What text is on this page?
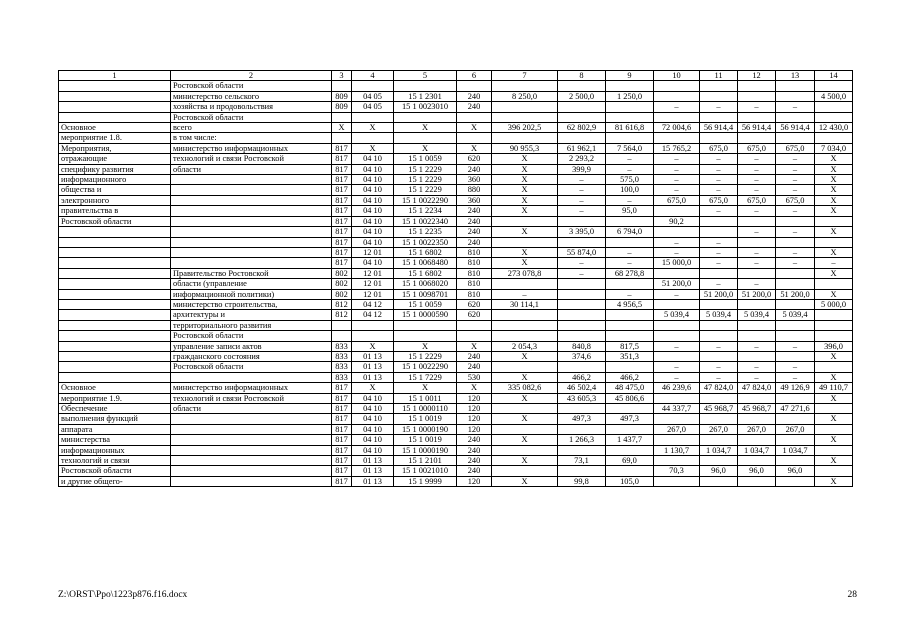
1	2	3	4	5	6	7	8	9	10	11	12	13	14
	Ростовской области												
	министерство сельского	809	04 05	15 1 2301	240	8 250,0	2 500,0	1 250,0					4 500,0
	хозяйства и продовольствия	809	04 05	15 1 0023010	240				–	–	–	–	
	Ростовской области												
Основное	всего	X	X	X	X	396 202,5	62 802,9	81 616,8	72 004,6	56 914,4	56 914,4	56 914,4	12 430,0
мероприятие 1.8.	в том числе:												
Мероприятия,	министерство информационных	817	X	X	X	90 955,3	61 962,1	7 564,0	15 765,2	675,0	675,0	675,0	7 034,0
отражающие	технологий и связи Ростовской	817	04 10	15 1 0059	620	X	2 293,2	–	–	–	–	–	X
специфику развития	области	817	04 10	15 1 2229	240	X	399,9	–	–	–	–	–	X
информационного		817	04 10	15 1 2229	360	X	–	575,0	–	–	–	–	X
общества и		817	04 10	15 1 2229	880	X	–	100,0	–	–	–	–	X
электронного		817	04 10	15 1 0022290	360	X	–	–	675,0	675,0	675,0	675,0	X
правительства в		817	04 10	15 1 2234	240	X	–	95,0		–	–	–	X
Ростовской области		817	04 10	15 1 0022340	240				90,2				
		817	04 10	15 1 2235	240	X	3 395,0	6 794,0			–	–	X
		817	04 10	15 1 0022350	240				–	–			
		817	12 01	15 1 6802	810	X	55 874,0	–	–	–	–	–	X
		817	04 10	15 1 0068480	810	X	–	–	15 000,0	–	–	–	–
	Правительство Ростовской	802	12 01	15 1 6802	810	273 078,8	–	68 278,8					X
	области (управление	802	12 01	15 1 0068020	810				51 200,0	–	–		
	информационной политики)	802	12 01	15 1 0098701	810	–		–	–	51 200,0	51 200,0	51 200,0	X
	министерство строительства,	812	04 12	15 1 0059	620	30 114,1		4 956,5					5 000,0
	архитектуры и	812	04 12	15 1 0000590	620				5 039,4	5 039,4	5 039,4	5 039,4	
	территориального развития												
	Ростовской области												
	управление записи актов	833	X	X	X	2 054,3	840,8	817,5	–	–	–	–	396,0
	гражданского состояния	833	01 13	15 1 2229	240	X	374,6	351,3					X
	Ростовской области	833	01 13	15 1 0022290	240				–	–	–	–	
		833	01 13	15 1 7229	530	X	466,2	466,2	–	–	–	–	X
Основное	министерство информационных	817	X	X	X	335 082,6	46 502,4	48 475,0	46 239,6	47 824,0	47 824,0	49 126,9	49 110,7
мероприятие 1.9.	технологий и связи Ростовской	817	04 10	15 1 0011	120	X	43 605,3	45 806,6					X
Обеспечение	области	817	04 10	15 1 0000110	120				44 337,7	45 968,7	45 968,7	47 271,6	
выполнения функций		817	04 10	15 1 0019	120	X	497,3	497,3					X
аппарата		817	04 10	15 1 0000190	120				267,0	267,0	267,0	267,0	
министерства		817	04 10	15 1 0019	240	X	1 266,3	1 437,7					X
информационных		817	04 10	15 1 0000190	240				1 130,7	1 034,7	1 034,7	1 034,7	
технологий и связи		817	01 13	15 1 2101	240	X	73,1	69,0					X
Ростовской области		817	01 13	15 1 0021010	240				70,3	96,0	96,0	96,0	
и другие общего-		817	01 13	15 1 9999	120	X	99,8	105,0					X
Z:\ORST\Ppo\1223p876.f16.docx	28
